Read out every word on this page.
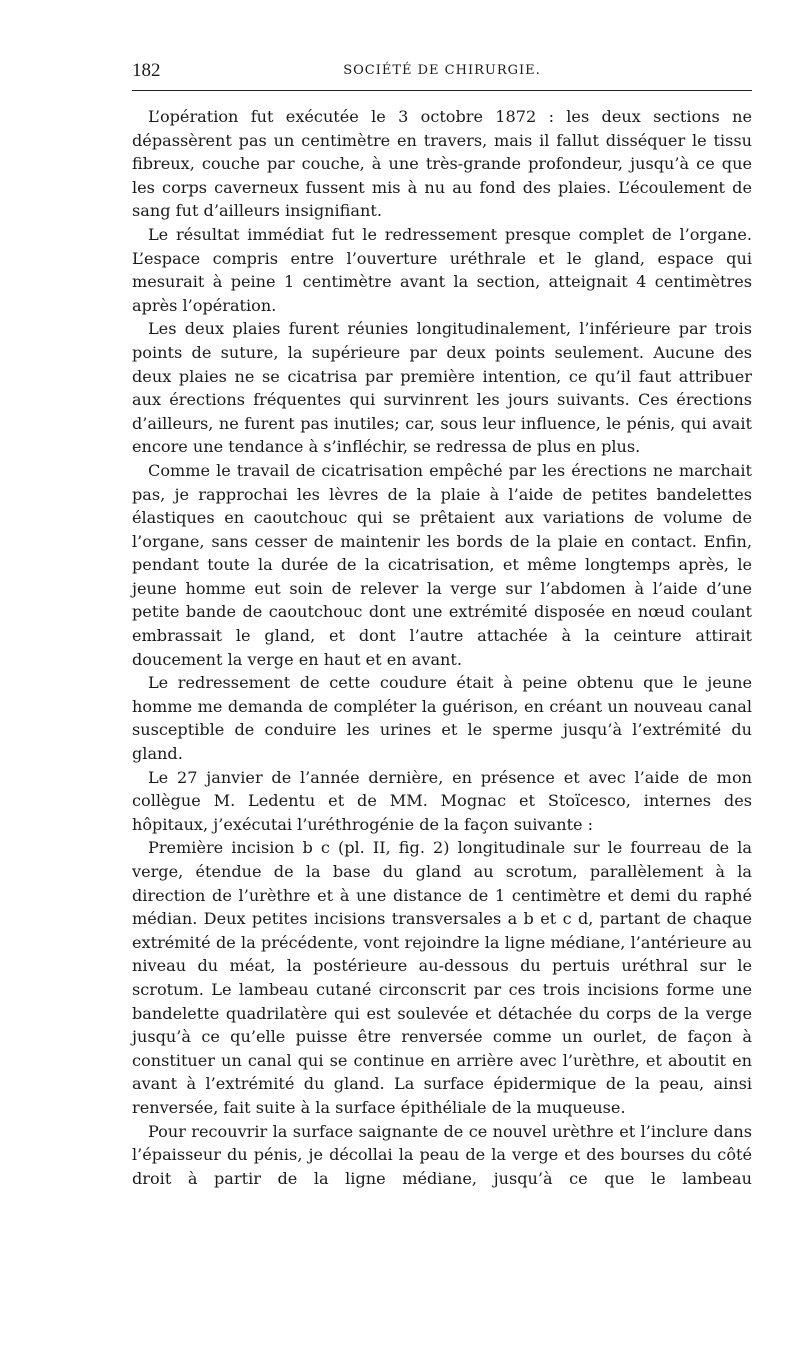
182	SOCIÉTÉ DE CHIRURGIE.

L’opération fut exécutée le 3 octobre 1872 : les deux sections ne dépassèrent pas un centimètre en travers, mais il fallut disséquer le tissu fibreux, couche par couche, à une très-grande profondeur, jusqu’à ce que les corps caverneux fussent mis à nu au fond des plaies. L’écoulement de sang fut d’ailleurs insignifiant.

Le résultat immédiat fut le redressement presque complet de l’organe. L’espace compris entre l’ouverture uréthrale et le gland, espace qui mesurait à peine 1 centimètre avant la section, atteignait 4 centimètres après l’opération.

Les deux plaies furent réunies longitudinalement, l’inférieure par trois points de suture, la supérieure par deux points seulement. Aucune des deux plaies ne se cicatrisa par première intention, ce qu’il faut attribuer aux érections fréquentes qui survinrent les jours suivants. Ces érections d’ailleurs, ne furent pas inutiles; car, sous leur influence, le pénis, qui avait encore une tendance à s’infléchir, se redressa de plus en plus.

Comme le travail de cicatrisation empêché par les érections ne marchait pas, je rapprochai les lèvres de la plaie à l’aide de petites bandelettes élastiques en caoutchouc qui se prêtaient aux variations de volume de l’organe, sans cesser de maintenir les bords de la plaie en contact. Enfin, pendant toute la durée de la cicatrisation, et même longtemps après, le jeune homme eut soin de relever la verge sur l’abdomen à l’aide d’une petite bande de caoutchouc dont une extrémité disposée en nœud coulant embrassait le gland, et dont l’autre attachée à la ceinture attirait doucement la verge en haut et en avant.

Le redressement de cette coudure était à peine obtenu que le jeune homme me demanda de compléter la guérison, en créant un nouveau canal susceptible de conduire les urines et le sperme jusqu’à l’extrémité du gland.

Le 27 janvier de l’année dernière, en présence et avec l’aide de mon collègue M. Ledentu et de MM. Mognac et Stoïcesco, internes des hôpitaux, j’exécutai l’uréthrogénie de la façon suivante :

Première incision b c (pl. II, fig. 2) longitudinale sur le fourreau de la verge, étendue de la base du gland au scrotum, parallèlement à la direction de l’urèthre et à une distance de 1 centimètre et demi du raphé médian. Deux petites incisions transversales a b et c d, partant de chaque extrémité de la précédente, vont rejoindre la ligne médiane, l’antérieure au niveau du méat, la postérieure au-dessous du pertuis uréthral sur le scrotum. Le lambeau cutané circonscrit par ces trois incisions forme une bandelette quadrilatère qui est soulevée et détachée du corps de la verge jusqu’à ce qu’elle puisse être renversée comme un ourlet, de façon à constituer un canal qui se continue en arrière avec l’urèthre, et aboutit en avant à l’extrémité du gland. La surface épidermique de la peau, ainsi renversée, fait suite à la surface épithéliale de la muqueuse.

Pour recouvrir la surface saignante de ce nouvel urèthre et l’inclure dans l’épaisseur du pénis, je décollai la peau de la verge et des bourses du côté droit à partir de la ligne médiane, jusqu’à ce que le lambeau
